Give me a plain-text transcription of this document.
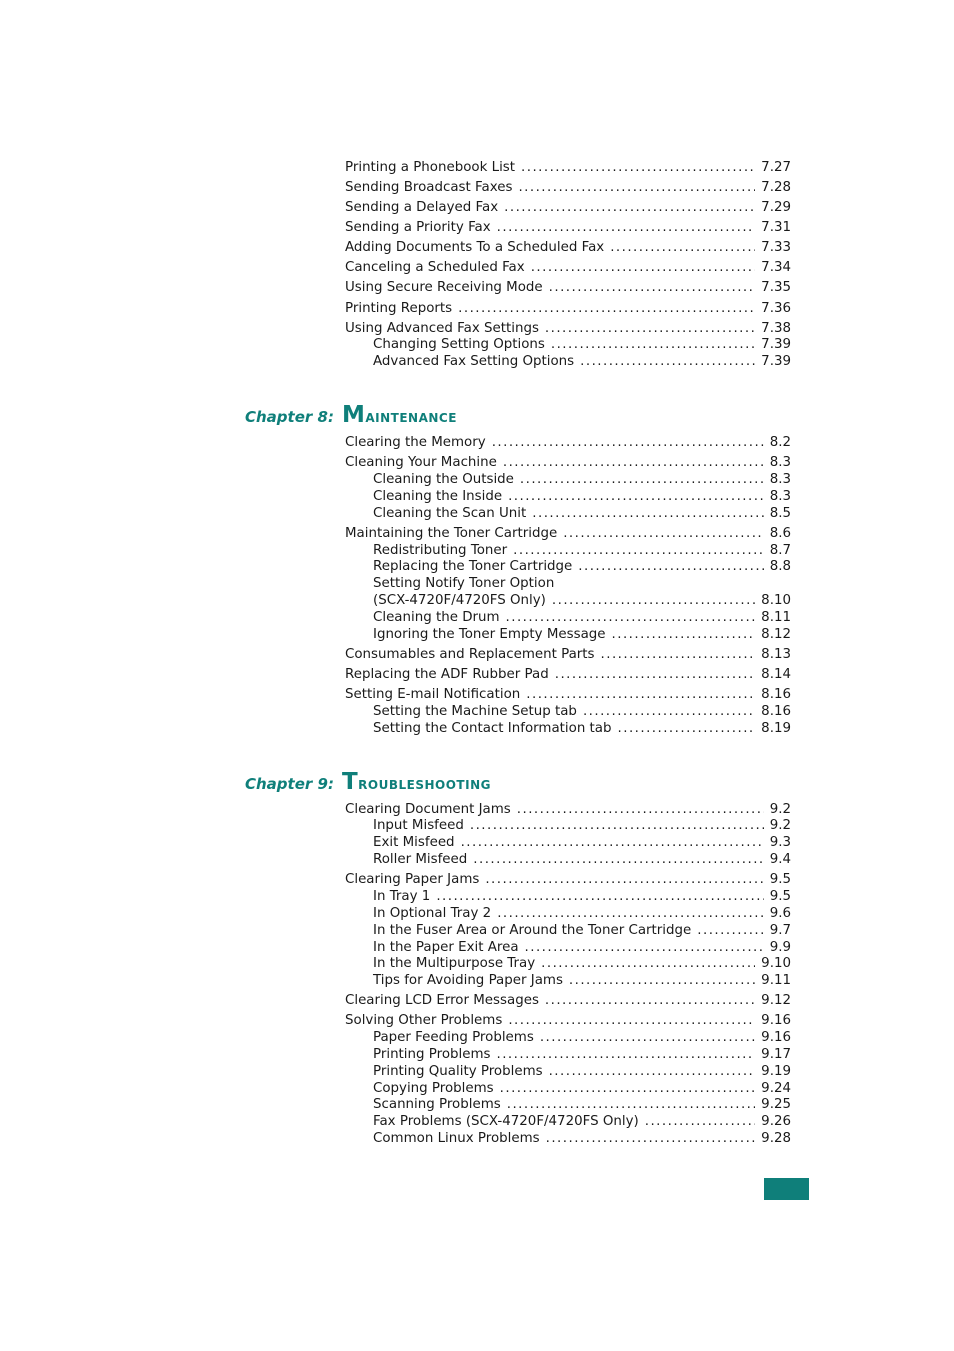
Printing a Phonebook List . . .	7.27
Sending Broadcast Faxes . . .	7.28
Sending a Delayed Fax . . .	7.29
Sending a Priority Fax . . .	7.31
Adding Documents To a Scheduled Fax . . .	7.33
Canceling a Scheduled Fax . . .	7.34
Using Secure Receiving Mode . . .	7.35
Printing Reports . . .	7.36
Using Advanced Fax Settings . . .	7.38
Changing Setting Options . . .	7.39
Advanced Fax Setting Options . . .	7.39
Chapter 8: Maintenance
Clearing the Memory . . .	8.2
Cleaning Your Machine . . .	8.3
Cleaning the Outside . . .	8.3
Cleaning the Inside . . .	8.3
Cleaning the Scan Unit . . .	8.5
Maintaining the Toner Cartridge . . .	8.6
Redistributing Toner . . .	8.7
Replacing the Toner Cartridge . . .	8.8
Setting Notify Toner Option
(SCX-4720F/4720FS Only) . . .	8.10
Cleaning the Drum . . .	8.11
Ignoring the Toner Empty Message . . .	8.12
Consumables and Replacement Parts . . .	8.13
Replacing the ADF Rubber Pad . . .	8.14
Setting E-mail Notification . . .	8.16
Setting the Machine Setup tab . . .	8.16
Setting the Contact Information tab . . .	8.19
Chapter 9: Troubleshooting
Clearing Document Jams . . .	9.2
Input Misfeed . . .	9.2
Exit Misfeed . . .	9.3
Roller Misfeed . . .	9.4
Clearing Paper Jams . . .	9.5
In Tray 1 . . .	9.5
In Optional Tray 2 . . .	9.6
In the Fuser Area or Around the Toner Cartridge . . .	9.7
In the Paper Exit Area . . .	9.9
In the Multipurpose Tray . . .	9.10
Tips for Avoiding Paper Jams . . .	9.11
Clearing LCD Error Messages . . .	9.12
Solving Other Problems . . .	9.16
Paper Feeding Problems . . .	9.16
Printing Problems . . .	9.17
Printing Quality Problems . . .	9.19
Copying Problems . . .	9.24
Scanning Problems . . .	9.25
Fax Problems (SCX-4720F/4720FS Only) . . .	9.26
Common Linux Problems . . .	9.28
